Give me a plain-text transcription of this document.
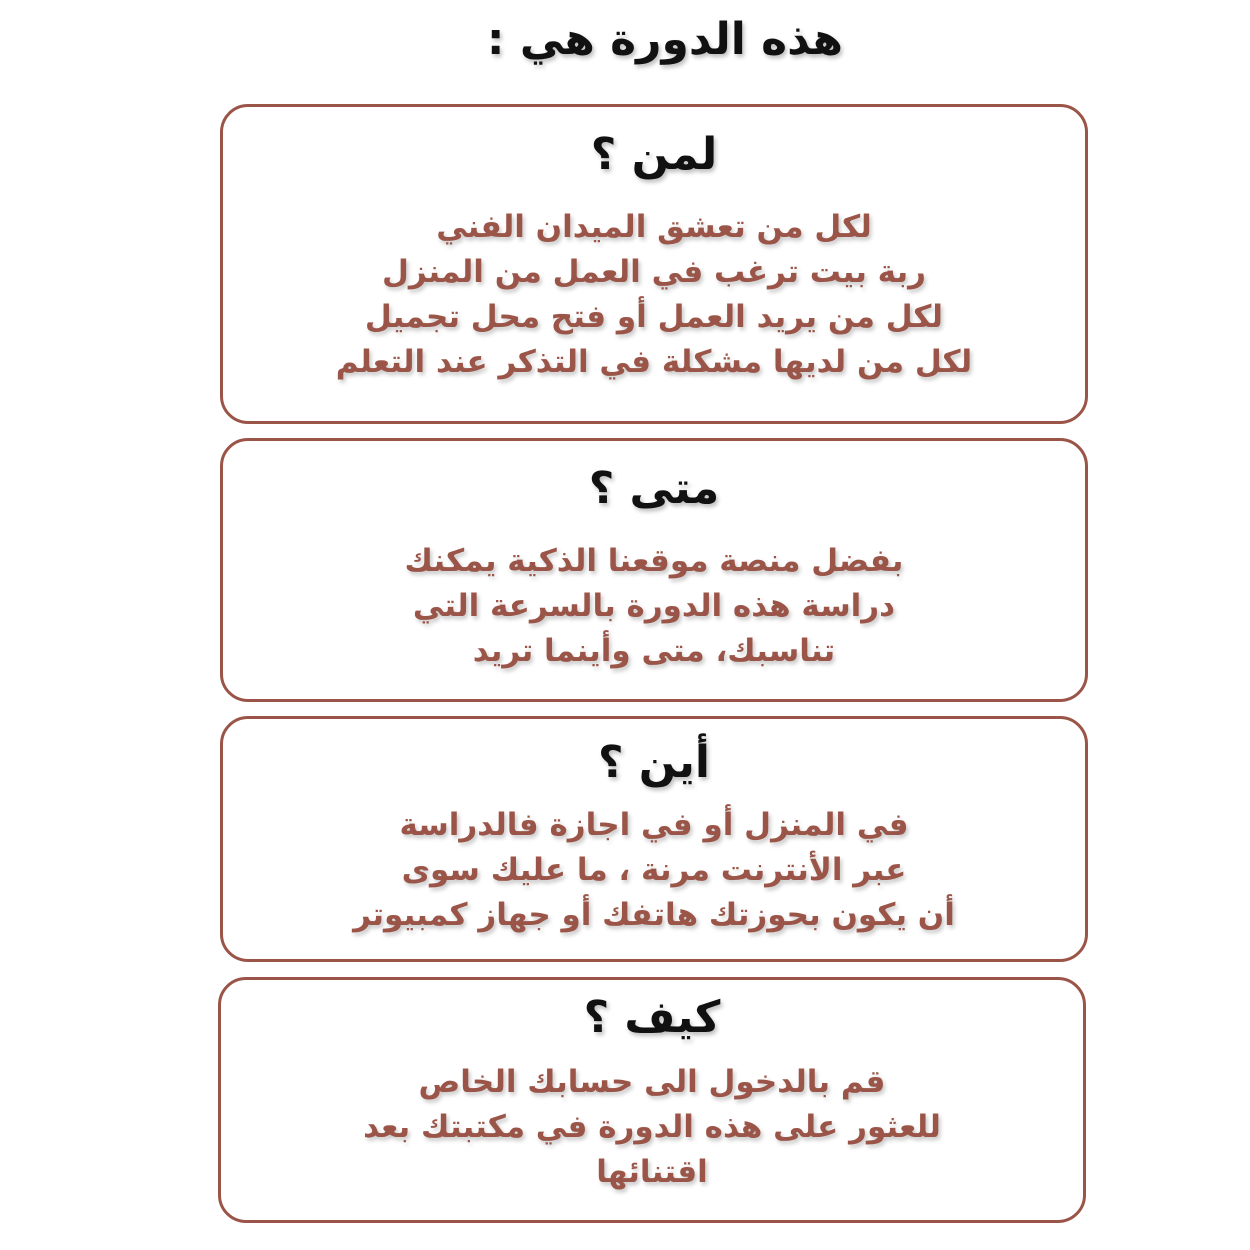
هذه الدورة هي :
لمن ؟
لكل من تعشق الميدان الفني
ربة بيت ترغب في العمل من المنزل
لكل من يريد العمل أو فتح محل تجميل
لكل من لديها مشكلة في التذكر عند التعلم
متى ؟
بفضل منصة موقعنا الذكية يمكنك
دراسة هذه الدورة بالسرعة التي
تناسبك، متى وأينما تريد
أين ؟
في المنزل أو في اجازة فالدراسة
عبر الأنترنت مرنة ، ما عليك سوى
أن يكون بحوزتك هاتفك أو جهاز كمبيوتر
كيف ؟
قم بالدخول الى حسابك الخاص
للعثور على هذه الدورة في مكتبتك بعد
اقتنائها
